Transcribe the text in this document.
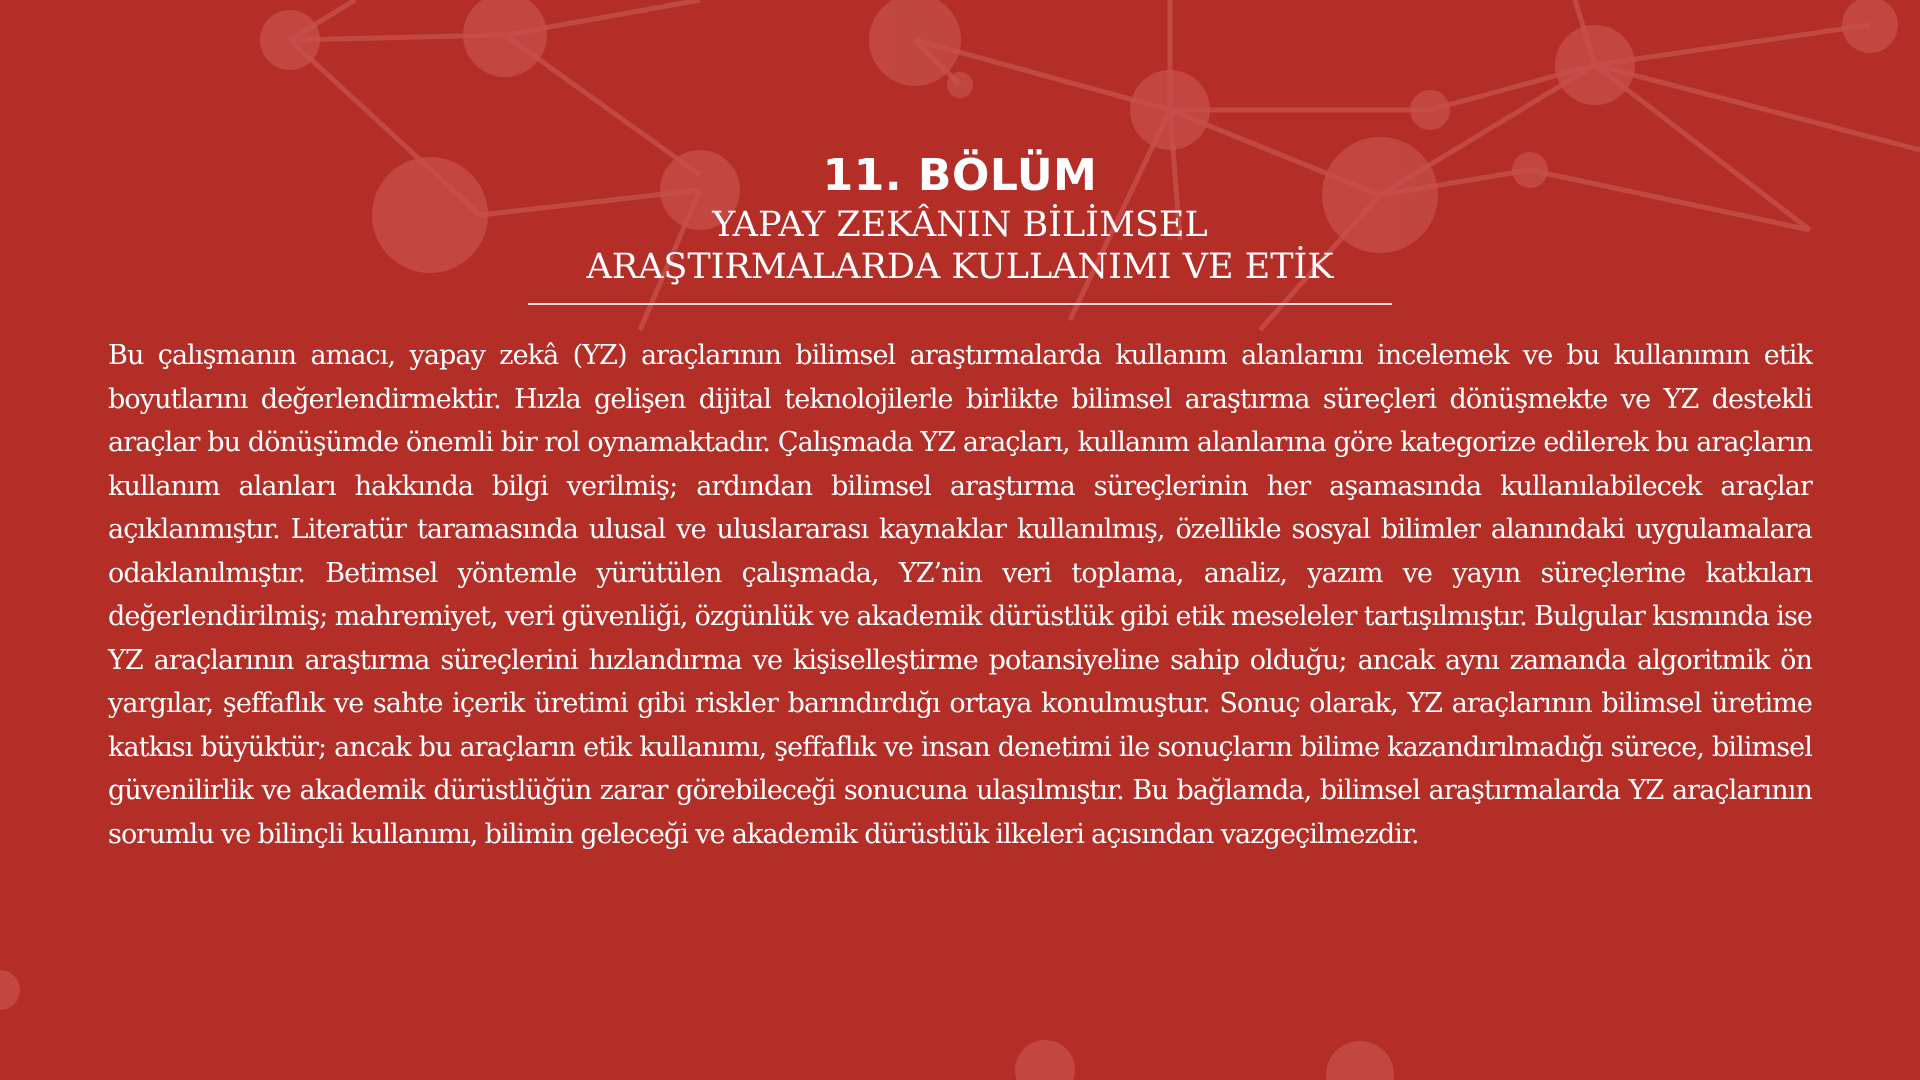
11. BÖLÜM
YAPAY ZEKÂNIN BİLİMSEL
ARAŞTIRMALARDA KULLANIMI VE ETİK

Bu çalışmanın amacı, yapay zekâ (YZ) araçlarının bilimsel araştırmalarda kullanım alanlarını incelemek ve bu kullanımın etik boyutlarını değerlendirmektir. Hızla gelişen dijital teknolojilerle birlikte bilimsel araştırma süreçleri dönüşmekte ve YZ destekli araçlar bu dönüşümde önemli bir rol oynamaktadır. Çalışmada YZ araçları, kullanım alanlarına göre kategorize edilerek bu araçların kullanım alanları hakkında bilgi verilmiş; ardından bilimsel araştırma süreçlerinin her aşamasında kullanılabilecek araçlar açıklanmıştır. Literatür taramasında ulusal ve uluslararası kaynaklar kullanılmış, özellikle sosyal bilimler alanındaki uygulamalara odaklanılmıştır. Betimsel yöntemle yürütülen çalışmada, YZ’nin veri toplama, analiz, yazım ve yayın süreçlerine katkıları değerlendirilmiş; mahremiyet, veri güvenliği, özgünlük ve akademik dürüstlük gibi etik meseleler tartışılmıştır. Bulgular kısmında ise YZ araçlarının araştırma süreçlerini hızlandırma ve kişiselleştirme potansiyeline sahip olduğu; ancak aynı zamanda algoritmik ön yargılar, şeffaflık ve sahte içerik üretimi gibi riskler barındırdığı ortaya konulmuştur. Sonuç olarak, YZ araçlarının bilimsel üretime katkısı büyüktür; ancak bu araçların etik kullanımı, şeffaflık ve insan denetimi ile sonuçların bilime kazandırılmadığı sürece, bilimsel güvenilirlik ve akademik dürüstlüğün zarar görebileceği sonucuna ulaşılmıştır. Bu bağlamda, bilimsel araştırmalarda YZ araçlarının sorumlu ve bilinçli kullanımı, bilimin geleceği ve akademik dürüstlük ilkeleri açısından vazgeçilmezdir.
